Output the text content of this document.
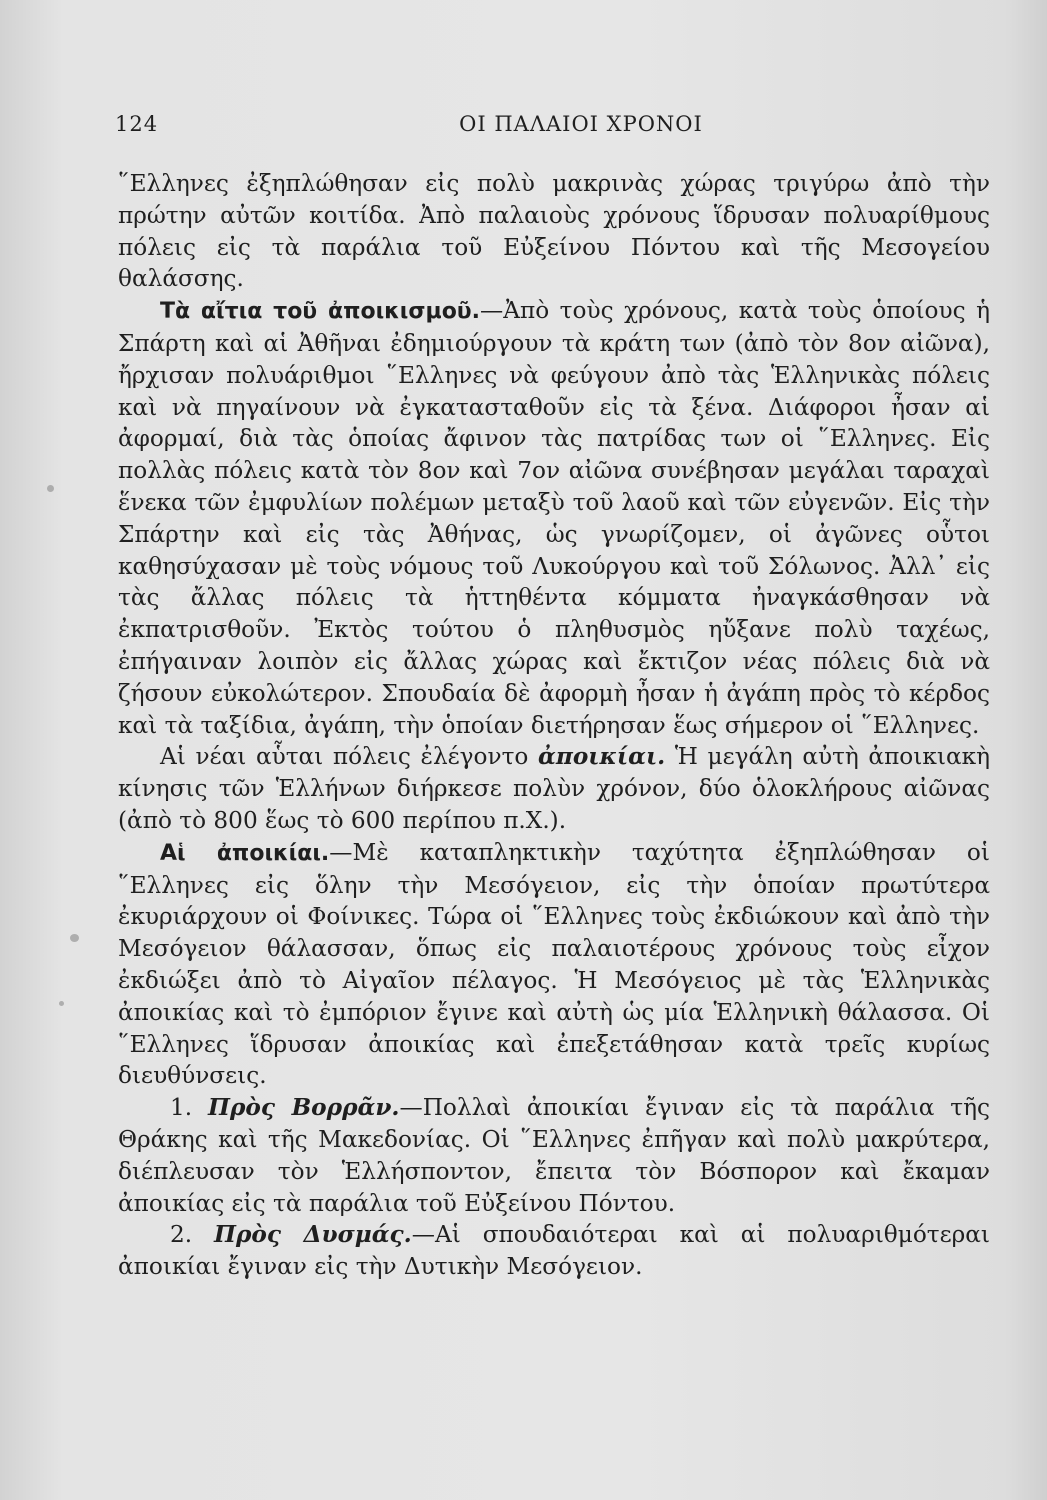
124	ΟΙ ΠΑΛΑΙΟΙ ΧΡΟΝΟΙ

῞Ελληνες ἐξηπλώθησαν εἰς πολὺ μακρινὰς χώρας τριγύρω ἀπὸ τὴν πρώτην αὐτῶν κοιτίδα. Ἀπὸ παλαιοὺς χρόνους ἵδρυσαν πολυαρίθμους πόλεις εἰς τὰ παράλια τοῦ Εὐξείνου Πόντου καὶ τῆς Μεσογείου θαλάσσης.

Τὰ αἴτια τοῦ ἀποικισμοῦ.—Ἀπὸ τοὺς χρόνους, κατὰ τοὺς ὁποίους ἡ Σπάρτη καὶ αἱ Ἀθῆναι ἐδημιούργουν τὰ κράτη των (ἀπὸ τὸν 8ον αἰῶνα), ἤρχισαν πολυάριθμοι ῞Ελληνες νὰ φεύγουν ἀπὸ τὰς Ἑλληνικὰς πόλεις καὶ νὰ πηγαίνουν νὰ ἐγκατασταθοῦν εἰς τὰ ξένα. Διάφοροι ἦσαν αἱ ἀφορμαί, διὰ τὰς ὁποίας ἄφινον τὰς πατρίδας των οἱ ῞Ελληνες. Εἰς πολλὰς πόλεις κατὰ τὸν 8ον καὶ 7ον αἰῶνα συνέβησαν μεγάλαι ταραχαὶ ἕνεκα τῶν ἐμφυλίων πολέμων μεταξὺ τοῦ λαοῦ καὶ τῶν εὐγενῶν. Εἰς τὴν Σπάρτην καὶ εἰς τὰς Ἀθήνας, ὡς γνωρίζομεν, οἱ ἀγῶνες οὗτοι καθησύχασαν μὲ τοὺς νόμους τοῦ Λυκούργου καὶ τοῦ Σόλωνος. Ἀλλ᾽ εἰς τὰς ἄλλας πόλεις τὰ ἡττηθέντα κόμματα ἠναγκάσθησαν νὰ ἐκπατρισθοῦν. Ἐκτὸς τούτου ὁ πληθυσμὸς ηὔξανε πολὺ ταχέως, ἐπήγαιναν λοιπὸν εἰς ἄλλας χώρας καὶ ἔκτιζον νέας πόλεις διὰ νὰ ζήσουν εὐκολώτερον. Σπουδαία δὲ ἀφορμὴ ἦσαν ἡ ἀγάπη πρὸς τὸ κέρδος καὶ τὰ ταξίδια, ἀγάπη, τὴν ὁποίαν διετήρησαν ἕως σήμερον οἱ ῞Ελληνες.

Αἱ νέαι αὗται πόλεις ἐλέγοντο ἀποικίαι. Ἡ μεγάλη αὐτὴ ἀποικιακὴ κίνησις τῶν Ἑλλήνων διήρκεσε πολὺν χρόνον, δύο ὁλοκλήρους αἰῶνας (ἀπὸ τὸ 800 ἕως τὸ 600 περίπου π.Χ.).

Αἱ ἀποικίαι.—Μὲ καταπληκτικὴν ταχύτητα ἐξηπλώθησαν οἱ ῞Ελληνες εἰς ὅλην τὴν Μεσόγειον, εἰς τὴν ὁποίαν πρωτύτερα ἐκυριάρχουν οἱ Φοίνικες. Τώρα οἱ ῞Ελληνες τοὺς ἐκδιώκουν καὶ ἀπὸ τὴν Μεσόγειον θάλασσαν, ὅπως εἰς παλαιοτέρους χρόνους τοὺς εἶχον ἐκδιώξει ἀπὸ τὸ Αἰγαῖον πέλαγος. Ἡ Μεσόγειος μὲ τὰς Ἑλληνικὰς ἀποικίας καὶ τὸ ἐμπόριον ἔγινε καὶ αὐτὴ ὡς μία Ἑλληνικὴ θάλασσα. Οἱ ῞Ελληνες ἵδρυσαν ἀποικίας καὶ ἐπεξετάθησαν κατὰ τρεῖς κυρίως διευθύνσεις.

1. Πρὸς Βορρᾶν.—Πολλαὶ ἀποικίαι ἔγιναν εἰς τὰ παράλια τῆς Θράκης καὶ τῆς Μακεδονίας. Οἱ ῞Ελληνες ἐπῆγαν καὶ πολὺ μακρύτερα, διέπλευσαν τὸν Ἑλλήσποντον, ἔπειτα τὸν Βόσπορον καὶ ἔκαμαν ἀποικίας εἰς τὰ παράλια τοῦ Εὐξείνου Πόντου.

2. Πρὸς Δυσμάς.—Αἱ σπουδαιότεραι καὶ αἱ πολυαριθμότεραι ἀποικίαι ἔγιναν εἰς τὴν Δυτικὴν Μεσόγειον.
